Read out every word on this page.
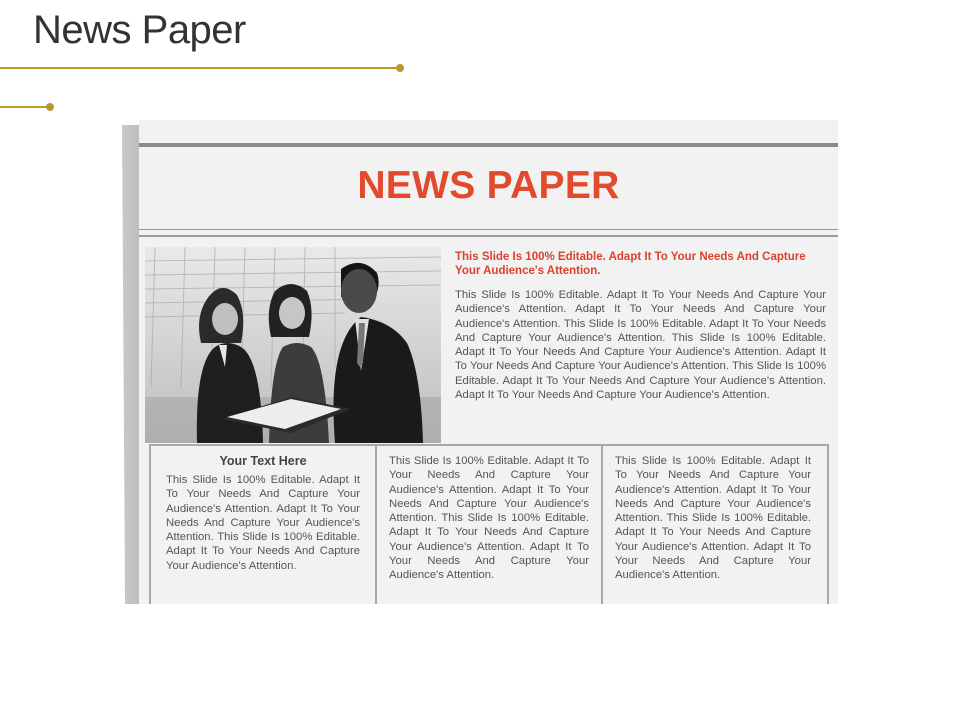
News Paper
NEWS PAPER

This Slide Is 100% Editable. Adapt It To Your Needs And Capture Your Audience's Attention.

This Slide Is 100% Editable. Adapt It To Your Needs And Capture Your Audience's Attention. Adapt It To Your Needs And Capture Your Audience's Attention. This Slide Is 100% Editable. Adapt It To Your Needs And Capture Your Audience's Attention. This Slide Is 100% Editable. Adapt It To Your Needs And Capture Your Audience's Attention. Adapt It To Your Needs And Capture Your Audience's Attention. This Slide Is 100% Editable. Adapt It To Your Needs And Capture Your Audience's Attention. Adapt It To Your Needs And Capture Your Audience's Attention.

Your Text Here

This Slide Is 100% Editable. Adapt It To Your Needs And Capture Your Audience's Attention. Adapt It To Your Needs And Capture Your Audience's Attention. This Slide Is 100% Editable. Adapt It To Your Needs And Capture Your Audience's Attention.

This Slide Is 100% Editable. Adapt It To Your Needs And Capture Your Audience's Attention. Adapt It To Your Needs And Capture Your Audience's Attention. This Slide Is 100% Editable. Adapt It To Your Needs And Capture Your Audience's Attention. Adapt It To Your Needs And Capture Your Audience's Attention.

This Slide Is 100% Editable. Adapt It To Your Needs And Capture Your Audience's Attention. Adapt It To Your Needs And Capture Your Audience's Attention. This Slide Is 100% Editable. Adapt It To Your Needs And Capture Your Audience's Attention. Adapt It To Your Needs And Capture Your Audience's Attention.
